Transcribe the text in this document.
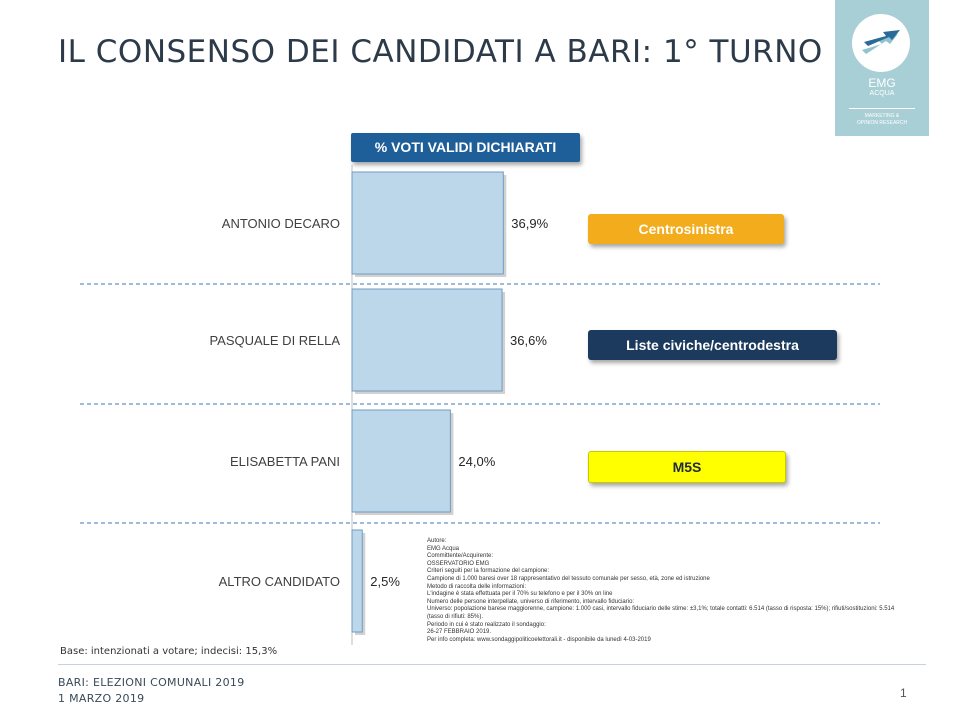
IL CONSENSO DEI CANDIDATI A BARI: 1° TURNO
EMG
ACQUA
MARKETING &
OPINION RESEARCH
ANTONIO DECARO	36,9%
PASQUALE DI RELLA	36,6%
ELISABETTA PANI	24,0%
ALTRO CANDIDATO 2,5%
% VOTI VALIDI DICHIARATI
Centrosinistra
Liste civiche/centrodestra
M5S
Autore:
EMG Acqua
Committente/Acquirente:
OSSERVATORIO EMG
Criteri seguiti per la formazione del campione:
Campione di 1.000 baresi over 18 rappresentativo del tessuto comunale per sesso, età, zone ed istruzione
Metodo di raccolta delle informazioni:
L'indagine è stata effettuata per il 70% su telefono e per il 30% on line
Numero delle persone interpellate, universo di riferimento, intervallo fiduciario:
Universo: popolazione barese maggiorenne, campione: 1.000 casi, intervallo fiduciario delle stime: ±3,1%; totale contatti: 6.514 (tasso di risposta: 15%); rifiuti/sostituzioni: 5.514
(tasso di rifiuti: 85%).
Periodo in cui è stato realizzato il sondaggio:
26-27 FEBBRAIO 2019.
Per info completa: www.sondaggipoliticoelettorali.it - disponibile da lunedì 4-03-2019
Base: intenzionati a votare; indecisi: 15,3%
BARI: ELEZIONI COMUNALI 2019
1 MARZO 2019	1
